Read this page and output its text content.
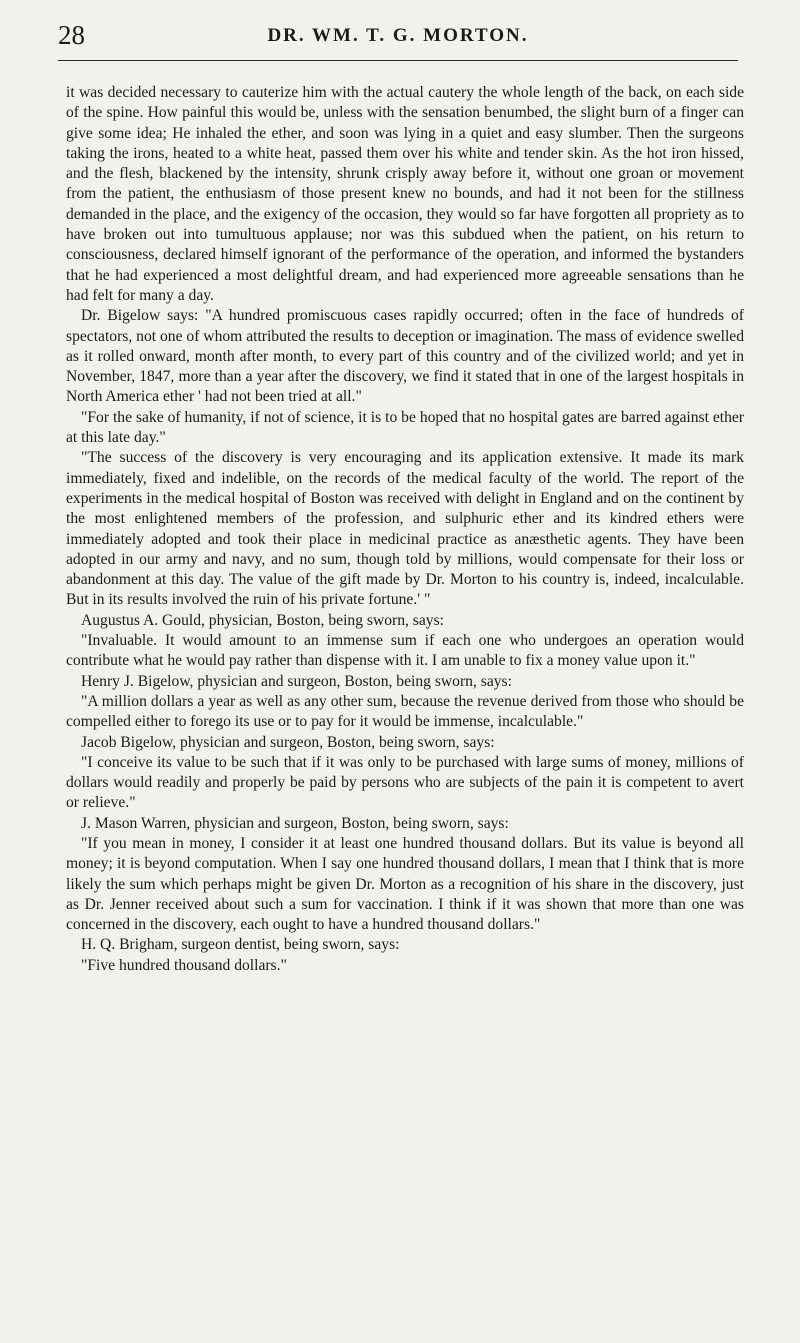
28	DR. WM. T. G. MORTON.

it was decided necessary to cauterize him with the actual cautery the whole length of the back, on each side of the spine. How painful this would be, unless with the sensation benumbed, the slight burn of a finger can give some idea; He inhaled the ether, and soon was lying in a quiet and easy slumber. Then the surgeons taking the irons, heated to a white heat, passed them over his white and tender skin. As the hot iron hissed, and the flesh, blackened by the intensity, shrunk crisply away before it, without one groan or movement from the patient, the enthusiasm of those present knew no bounds, and had it not been for the stillness demanded in the place, and the exigency of the occasion, they would so far have forgotten all propriety as to have broken out into tumultuous applause; nor was this subdued when the patient, on his return to consciousness, declared himself ignorant of the performance of the operation, and informed the bystanders that he had experienced a most delightful dream, and had experienced more agreeable sensations than he had felt for many a day.

Dr. Bigelow says: "A hundred promiscuous cases rapidly occurred; often in the face of hundreds of spectators, not one of whom attributed the results to deception or imagination. The mass of evidence swelled as it rolled onward, month after month, to every part of this country and of the civilized world; and yet in November, 1847, more than a year after the discovery, we find it stated that in one of the largest hospitals in North America ether ' had not been tried at all."

"For the sake of humanity, if not of science, it is to be hoped that no hospital gates are barred against ether at this late day."

"The success of the discovery is very encouraging and its application extensive. It made its mark immediately, fixed and indelible, on the records of the medical faculty of the world. The report of the experiments in the medical hospital of Boston was received with delight in England and on the continent by the most enlightened members of the profession, and sulphuric ether and its kindred ethers were immediately adopted and took their place in medicinal practice as anæsthetic agents. They have been adopted in our army and navy, and no sum, though told by millions, would compensate for their loss or abandonment at this day. The value of the gift made by Dr. Morton to his country is, indeed, incalculable. But in its results involved the ruin of his private fortune.' "

Augustus A. Gould, physician, Boston, being sworn, says:

"Invaluable. It would amount to an immense sum if each one who undergoes an operation would contribute what he would pay rather than dispense with it. I am unable to fix a money value upon it."

Henry J. Bigelow, physician and surgeon, Boston, being sworn, says:

"A million dollars a year as well as any other sum, because the revenue derived from those who should be compelled either to forego its use or to pay for it would be immense, incalculable."

Jacob Bigelow, physician and surgeon, Boston, being sworn, says:

"I conceive its value to be such that if it was only to be purchased with large sums of money, millions of dollars would readily and properly be paid by persons who are subjects of the pain it is competent to avert or relieve."

J. Mason Warren, physician and surgeon, Boston, being sworn, says:

"If you mean in money, I consider it at least one hundred thousand dollars. But its value is beyond all money; it is beyond computation. When I say one hundred thousand dollars, I mean that I think that is more likely the sum which perhaps might be given Dr. Morton as a recognition of his share in the discovery, just as Dr. Jenner received about such a sum for vaccination. I think if it was shown that more than one was concerned in the discovery, each ought to have a hundred thousand dollars."

H. Q. Brigham, surgeon dentist, being sworn, says:

"Five hundred thousand dollars."
